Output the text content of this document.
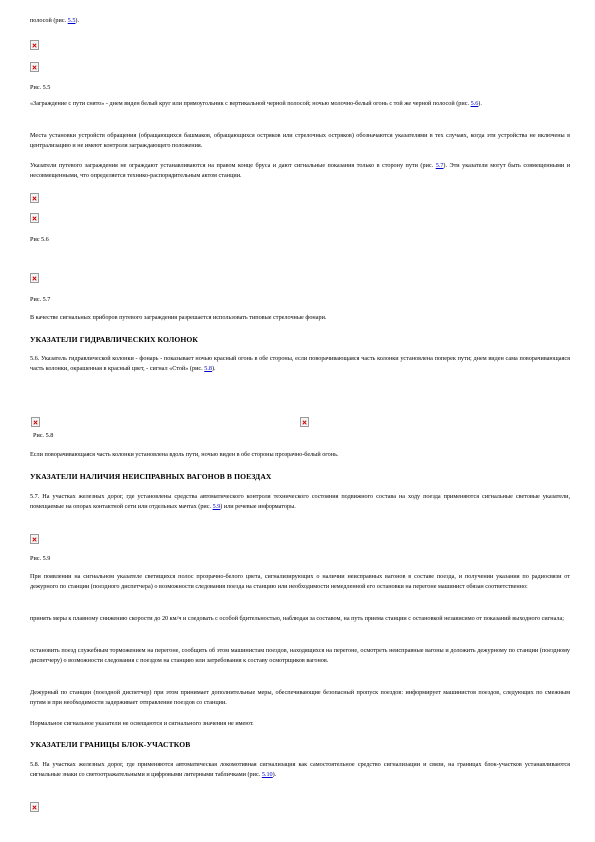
полосой (рис. 5.5).
Рис. 5.5
«Заграждение с пути снято» - днем виден белый круг или прямоугольник с вертикальной черной полосой; ночью молочно-белый огонь с той же черной полосой (рис. 5.6).
Места установки устройств обращения (обращающихся башмаков, обращающихся остряков или стрелочных остряков) обозначаются указателями в тех случаях, когда эти устройства не включены в централизацию и не имеют контроля заграждающего положения.
Указатели путевого заграждения не ограждают устанавливаются на правом конце бруса и дают сигнальные показания только в сторону пути (рис. 5.7). Эти указатели могут быть совмещенными и несовмещенными, что определяется технико-распорядительным актом станции.
Рис 5.6
Рис. 5.7
В качестве сигнальных приборов путевого заграждения разрешается использовать типовые стрелочные фонари.
УКАЗАТЕЛИ ГИДРАВЛИЧЕСКИХ КОЛОНОК
5.6. Указатель гидравлической колонки - фонарь - показывает ночью красный огонь в обе стороны, если поворачивающаяся часть колонки установлена поперек пути; днем виден сама поворачивающаяся часть колонки, окрашенная в красный цвет, - сигнал «Стой» (рис. 5.8).
Рис. 5.8
Если поворачивающаяся часть колонки установлена вдоль пути, ночью виден в обе стороны прозрачно-белый огонь.
УКАЗАТЕЛИ НАЛИЧИЯ НЕИСПРАВНЫХ ВАГОНОВ В ПОЕЗДАХ
5.7. На участках железных дорог, где установлены средства автоматического контроля технического состояния подвижного состава на ходу поезда применяются сигнальные световые указатели, помещаемые на опорах контактной сети или отдельных мачтах (рис. 5.9) или речевые информаторы.
Рис. 5.9
При появлении на сигнальном указателе светящихся полос прозрачно-белого цвета, сигнализирующих о наличии неисправных вагонов в составе поезда, и получении указания по радиосвязи от дежурного по станции (поездного диспетчера) о возможности следования поезда на станцию или необходимости немедленной его остановки на перегоне машинист обязан соответственно:
принять меры к плавному снижению скорости до 20 км/ч и следовать с особой бдительностью, наблюдая за составом, на путь приема станции с остановкой независимо от показаний выходного сигнала;
остановить поезд служебным торможением на перегоне, сообщить об этом машинистам поездов, находящихся на перегоне, осмотреть неисправные вагоны и доложить дежурному по станции (поездному диспетчеру) о возможности следования с поездом на станцию или затребования к составу осмотрщиков вагонов.
Дежурный по станции (поездной диспетчер) при этом принимает дополнительные меры, обеспечивающие безопасный пропуск поездов: информирует машинистов поездов, следующих по смежным путям и при необходимости задерживает отправление поездов со станции.
Нормальное сигнальное указатели не освещаются и сигнального значения не имеют.
УКАЗАТЕЛИ ГРАНИЦЫ БЛОК-УЧАСТКОВ
5.8. На участках железных дорог, где применяются автоматическая локомотивная сигнализация как самостоятельное средство сигнализации и связи, на границах блок-участков устанавливаются сигнальные знаки со светоотражательными и цифровыми литерными табличками (рис. 5.10).
